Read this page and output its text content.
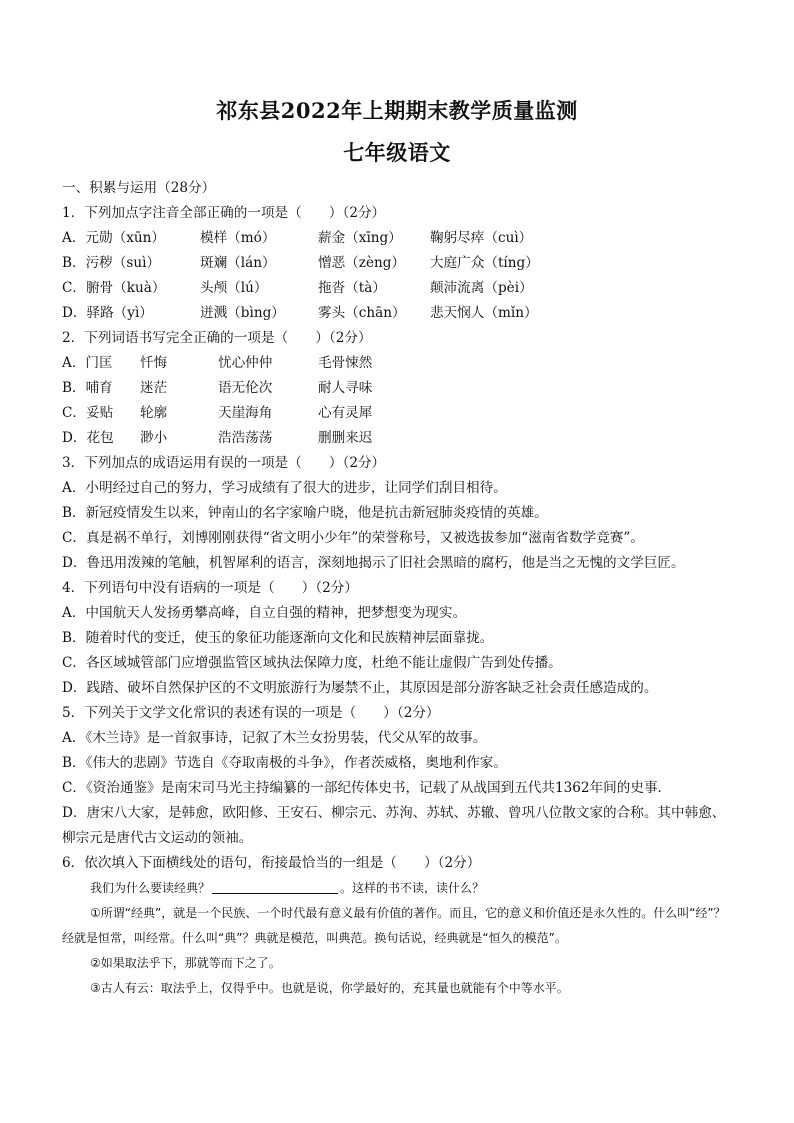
祁东县2022年上期期末教学质量监测
七年级语文
一、积累与运用（28分）
1．下列加点字注音全部正确的一项是（　　）（2分）
A．元勋（xūn）	模样（mó）	薪金（xīng） 鞠躬尽瘁（cuì）
B．污秽（suì）	斑斓（lán）	憎恶（zèng） 大庭广众（tíng）
C．腑骨（kuà）	头颅（lú）	拖沓（tà）	颠沛流离（pèi）
D．驿路（yì）	迸溅（bìng） 雾头（chān） 悲天悯人（mǐn）
2．下列词语书写完全正确的一项是（　　）（2分）
A．门匡 忏悔	忧心仲仲	毛骨悚然
B．哺育 迷茫	语无伦次	耐人寻味
C．妥贴 轮廓	天崖海角	心有灵犀
D．花包 渺小	浩浩荡荡	删删来迟
3．下列加点的成语运用有误的一项是（　　）（2分）
A．小明经过自己的努力，学习成绩有了很大的进步，让同学们刮目相待。
B．新冠疫情发生以来，钟南山的名字家喻户晓，他是抗击新冠肺炎疫情的英雄。
C．真是祸不单行，刘博刚刚获得“省文明小少年”的荣誉称号，又被选拔参加“滋南省数学竞赛”。
D．鲁迅用泼辣的笔触，机智犀利的语言，深刻地揭示了旧社会黑暗的腐朽，他是当之无愧的文学巨匠。
4．下列语句中没有语病的一项是（　　）（2分）
A．中国航天人发扬勇攀高峰，自立自强的精神，把梦想变为现实。
B．随着时代的变迁，使玉的象征功能逐渐向文化和民族精神层面靠拢。
C．各区域城管部门应增强监管区域执法保障力度，杜绝不能让虚假广告到处传播。
D．践踏、破坏自然保护区的不文明旅游行为屡禁不止，其原因是部分游客缺乏社会责任感造成的。
5．下列关于文学文化常识的表述有误的一项是（　　）（2分）
A．《木兰诗》是一首叙事诗，记叙了木兰女扮男装，代父从军的故事。
B．《伟大的悲剧》节选自《夺取南极的斗争》，作者茨威格，奥地利作家。
C．《资治通鉴》是南宋司马光主持编纂的一部纪传体史书，记载了从战国到五代共1362年间的史事．
D．唐宋八大家，是韩愈，欧阳修、王安石、柳宗元、苏洵、苏轼、苏辙、曾巩八位散文家的合称。其中韩愈、柳宗元是唐代古文运动的领袖。
6．依次填入下面横线处的语句，衔接最恰当的一组是（　　）（2分）
我们为什么要读经典？	。这样的书不读，读什么？
①所谓“经典”，就是一个民族、一个时代最有意义最有价值的著作。而且，它的意义和价值还是永久性的。什么叫“经”？经就是恒常，叫经常。什么叫“典”？典就是模范，叫典范。换句话说，经典就是“恒久的模范”。
②如果取法乎下，那就等而下之了。
③古人有云：取法乎上，仅得乎中。也就是说，你学最好的，充其量也就能有个中等水平。
